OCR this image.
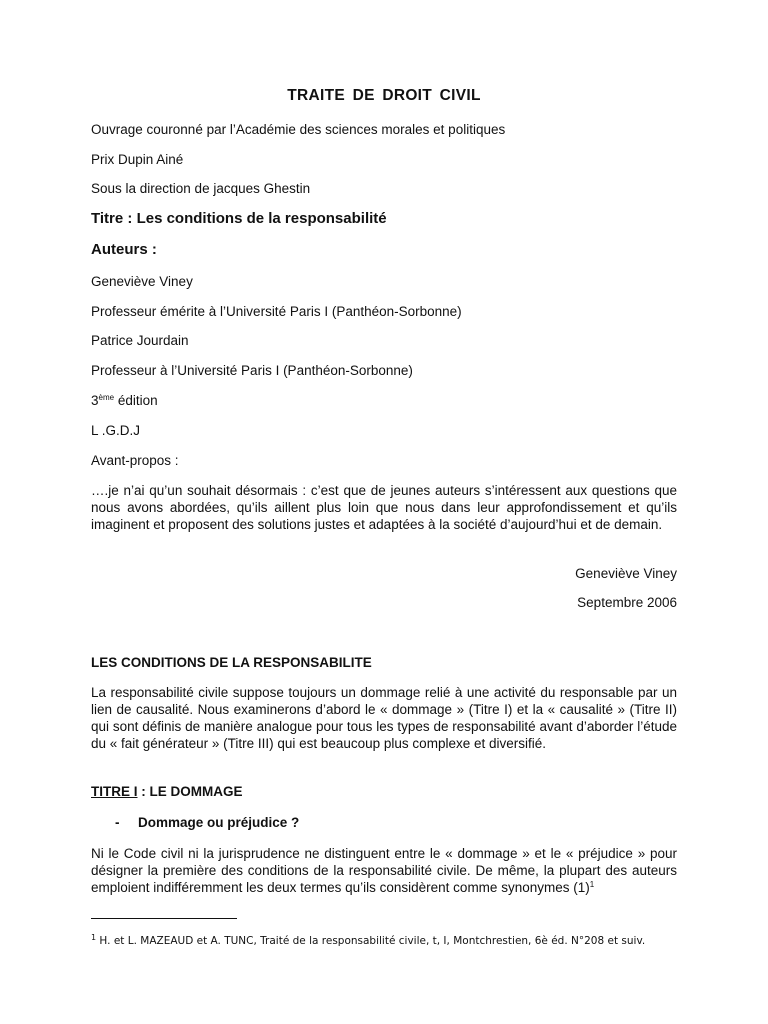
TRAITE DE DROIT CIVIL

Ouvrage couronné par l’Académie des sciences morales et politiques

Prix Dupin Ainé

Sous la direction de jacques Ghestin

Titre : Les conditions de la responsabilité

Auteurs :

Geneviève Viney

Professeur émérite à l’Université Paris I (Panthéon-Sorbonne)

Patrice Jourdain

Professeur à l’Université Paris I (Panthéon-Sorbonne)

3ème édition

L .G.D.J

Avant-propos :

….je n’ai qu’un souhait désormais : c’est que de jeunes auteurs s’intéressent aux questions que nous avons abordées, qu’ils aillent plus loin que nous dans leur approfondissement et qu’ils imaginent et proposent des solutions justes et adaptées à la société d’aujourd’hui et de demain.

Geneviève Viney

Septembre 2006

LES CONDITIONS DE LA RESPONSABILITE

La responsabilité civile suppose toujours un dommage relié à une activité du responsable par un lien de causalité. Nous examinerons d’abord le « dommage » (Titre I) et la « causalité » (Titre II) qui sont définis de manière analogue pour tous les types de responsabilité avant d’aborder l’étude du « fait générateur » (Titre III) qui est beaucoup plus complexe et diversifié.

TITRE I : LE DOMMAGE

- Dommage ou préjudice ?

Ni le Code civil ni la jurisprudence ne distinguent entre le « dommage » et le « préjudice » pour désigner la première des conditions de la responsabilité civile. De même, la plupart des auteurs emploient indifféremment les deux termes qu’ils considèrent comme synonymes $(1)^1$

$^1$ H. et L. MAZEAUD et A. TUNC, Traité de la responsabilité civile, t, I, Montchrestien, 6è éd. N°208 et suiv.
